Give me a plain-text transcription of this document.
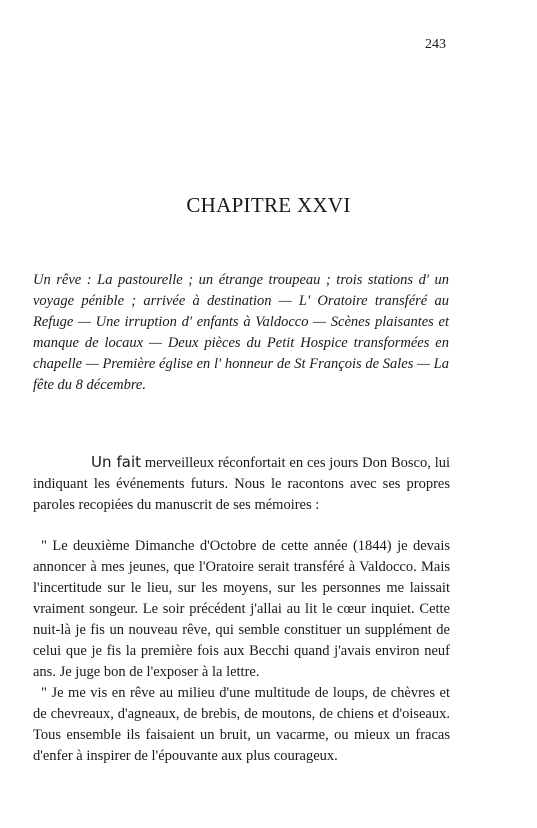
243
CHAPITRE XXVI
Un rêve : La pastourelle ; un étrange troupeau ; trois stations d' un voyage pénible ; arrivée à destination — L' Oratoire transféré au Refuge — Une irruption d' enfants à Valdocco — Scènes plaisantes et manque de locaux — Deux pièces du Petit Hospice transformées en chapelle — Première église en l' honneur de St François de Sales — La fête du 8 décembre.

Un fait merveilleux réconfortait en ces jours Don Bosco, lui indiquant les événements futurs. Nous le racontons avec ses propres paroles recopiées du manuscrit de ses mémoires :

" Le deuxième Dimanche d'Octobre de cette année (1844) je devais annoncer à mes jeunes, que l'Oratoire serait transféré à Valdocco. Mais l'incertitude sur le lieu, sur les moyens, sur les personnes me laissait vraiment songeur. Le soir précédent j'allai au lit le cœur inquiet. Cette nuit-là je fis un nouveau rêve, qui semble constituer un supplément de celui que je fis la première fois aux Becchi quand j'avais environ neuf ans. Je juge bon de l'exposer à la lettre.

" Je me vis en rêve au milieu d'une multitude de loups, de chèvres et de chevreaux, d'agneaux, de brebis, de moutons, de chiens et d'oiseaux. Tous ensemble ils faisaient un bruit, un vacarme, ou mieux un fracas d'enfer à inspirer de l'épouvante aux plus courageux.
